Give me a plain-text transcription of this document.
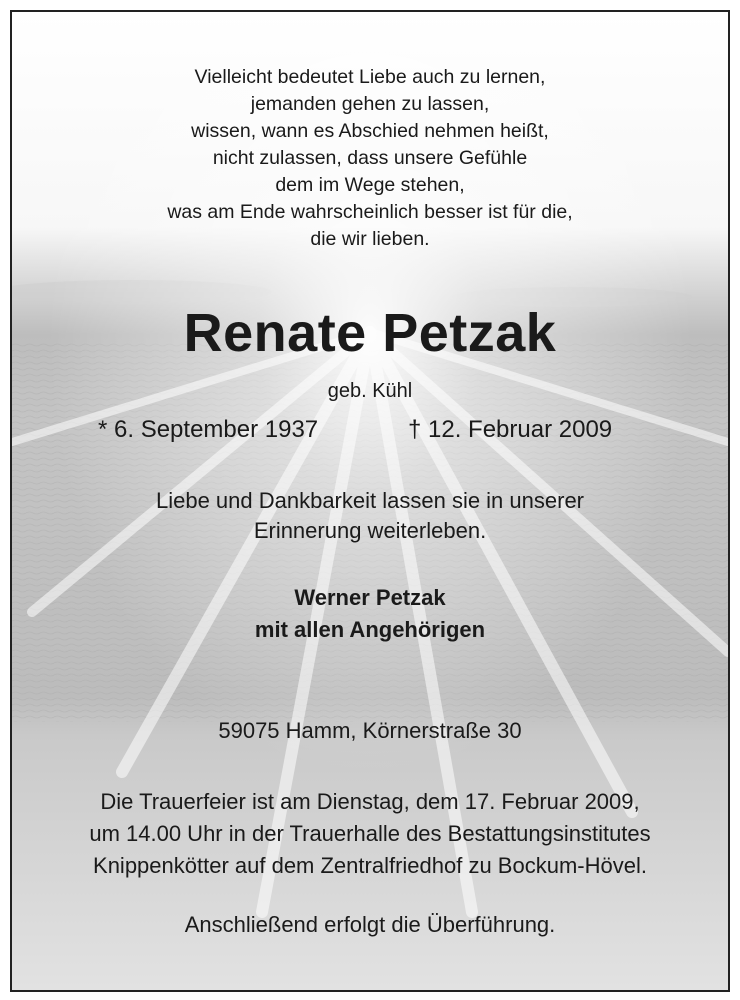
Vielleicht bedeutet Liebe auch zu lernen,
jemanden gehen zu lassen,
wissen, wann es Abschied nehmen heißt,
nicht zulassen, dass unsere Gefühle
dem im Wege stehen,
was am Ende wahrscheinlich besser ist für die,
die wir lieben.
Renate Petzak
geb. Kühl
* 6. September 1937	† 12. Februar 2009
Liebe und Dankbarkeit lassen sie in unserer
Erinnerung weiterleben.
Werner Petzak
mit allen Angehörigen
59075 Hamm, Körnerstraße 30
Die Trauerfeier ist am Dienstag, dem 17. Februar 2009,
um 14.00 Uhr in der Trauerhalle des Bestattungsinstitutes
Knippenkötter auf dem Zentralfriedhof zu Bockum-Hövel.
Anschließend erfolgt die Überführung.
